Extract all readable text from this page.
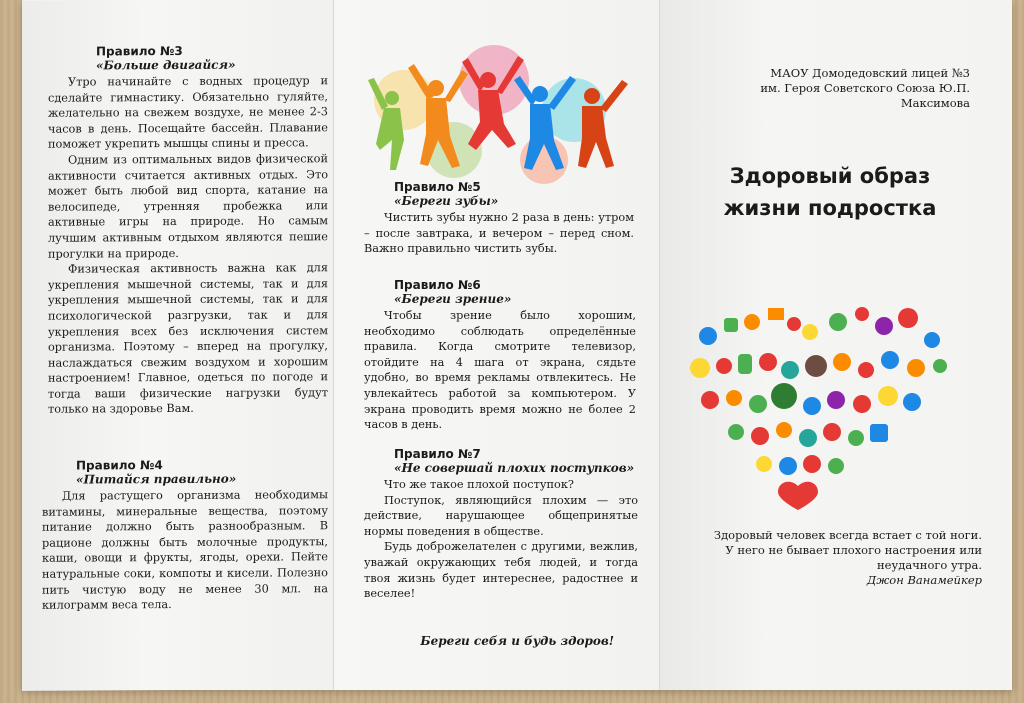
Правило №3

«Больше двигайся»

Утро начинайте с водных процедур и сделайте гимнастику. Обязательно гуляйте, желательно на свежем воздухе, не менее 2-3 часов в день. Посещайте бассейн. Плавание поможет укрепить мышцы спины и пресса.

Одним из оптимальных видов физической активности считается активных отдых. Это может быть любой вид спорта, катание на велосипеде, утренняя пробежка или активные игры на природе. Но самым лучшим активным отдыхом являются пешие прогулки на природе.

Физическая активность важна как для укрепления мышечной системы, так и для укрепления мышечной системы, так и для психологической разгрузки, так и для укрепления всех без исключения систем организма. Поэтому – вперед на прогулку, наслаждаться свежим воздухом и хорошим настроением! Главное, одеться по погоде и тогда ваши физические нагрузки будут только на здоровье Вам.

Правило №4

«Питайся правильно»

Для растущего организма необходимы витамины, минеральные вещества, поэтому питание должно быть разнообразным. В рационе должны быть молочные продукты, каши, овощи и фрукты, ягоды, орехи. Пейте натуральные соки, компоты и кисели. Полезно пить чистую воду не менее 30 мл. на килограмм веса тела.

Правило №5

«Береги зубы»

Чистить зубы нужно 2 раза в день: утром – после завтрака, и вечером – перед сном. Важно правильно чистить зубы.

Правило №6

«Береги зрение»

Чтобы зрение было хорошим, необходимо соблюдать определённые правила. Когда смотрите телевизор, отойдите на 4 шага от экрана, сядьте удобно, во время рекламы отвлекитесь. Не увлекайтесь работой за компьютером. У экрана проводить время можно не более 2 часов в день.

Правило №7

«Не совершай плохих поступков»

Что же такое плохой поступок?

Поступок, являющийся плохим — это действие, нарушающее общепринятые нормы поведения в обществе.

Будь доброжелателен с другими, вежлив, уважай окружающих тебя людей, и тогда твоя жизнь будет интереснее, радостнее и веселее!

Береги себя и будь здоров!

МАОУ Домодедовский лицей №3
им. Героя Советского Союза Ю.П. Максимова
Здоровый образ
жизни подростка
Здоровый человек всегда встает с той ноги.
У него не бывает плохого настроения или
неудачного утра.
Джон Ванамейкер
